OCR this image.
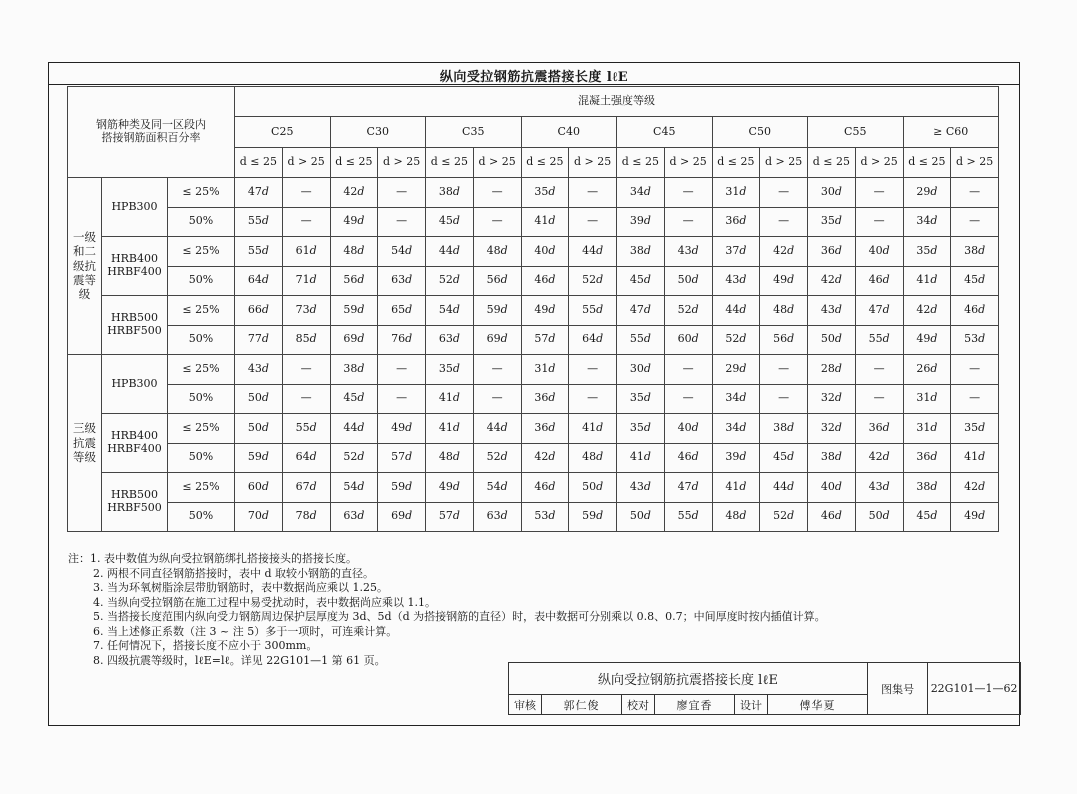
纵向受拉钢筋抗震搭接长度 lℓE
钢筋种类及同一区段内
搭接钢筋面积百分率			混凝土强度等级															
			C25		C30		C35		C40		C45		C50		C55		≥ C60	
			d ≤ 25	d > 25	d ≤ 25	d > 25	d ≤ 25	d > 25	d ≤ 25	d > 25	d ≤ 25	d > 25	d ≤ 25	d > 25	d ≤ 25	d > 25	d ≤ 25	d > 25
一级
和二
级抗
震等
级	HPB300	≤ 25%	47d	—	42d	—	38d	—	35d	—	34d	—	31d	—	30d	—	29d	—
		50%	55d	—	49d	—	45d	—	41d	—	39d	—	36d	—	35d	—	34d	—
	HRB400
HRBF400	≤ 25%	55d	61d	48d	54d	44d	48d	40d	44d	38d	43d	37d	42d	36d	40d	35d	38d
		50%	64d	71d	56d	63d	52d	56d	46d	52d	45d	50d	43d	49d	42d	46d	41d	45d
	HRB500
HRBF500	≤ 25%	66d	73d	59d	65d	54d	59d	49d	55d	47d	52d	44d	48d	43d	47d	42d	46d
		50%	77d	85d	69d	76d	63d	69d	57d	64d	55d	60d	52d	56d	50d	55d	49d	53d
三级
抗震
等级	HPB300	≤ 25%	43d	—	38d	—	35d	—	31d	—	30d	—	29d	—	28d	—	26d	—
		50%	50d	—	45d	—	41d	—	36d	—	35d	—	34d	—	32d	—	31d	—
	HRB400
HRBF400	≤ 25%	50d	55d	44d	49d	41d	44d	36d	41d	35d	40d	34d	38d	32d	36d	31d	35d
		50%	59d	64d	52d	57d	48d	52d	42d	48d	41d	46d	39d	45d	38d	42d	36d	41d
	HRB500
HRBF500	≤ 25%	60d	67d	54d	59d	49d	54d	46d	50d	43d	47d	41d	44d	40d	43d	38d	42d
		50%	70d	78d	63d	69d	57d	63d	53d	59d	50d	55d	48d	52d	46d	50d	45d	49d
注：1. 表中数值为纵向受拉钢筋绑扎搭接接头的搭接长度。
2. 两根不同直径钢筋搭接时，表中 d 取较小钢筋的直径。
3. 当为环氧树脂涂层带肋钢筋时，表中数据尚应乘以 1.25。
4. 当纵向受拉钢筋在施工过程中易受扰动时，表中数据尚应乘以 1.1。
5. 当搭接长度范围内纵向受力钢筋周边保护层厚度为 3d、5d（d 为搭接钢筋的直径）时，表中数据可分别乘以 0.8、0.7；中间厚度时按内插值计算。
6. 当上述修正系数（注 3 ~ 注 5）多于一项时，可连乘计算。
7. 任何情况下，搭接长度不应小于 300mm。
8. 四级抗震等级时，lℓE=lℓ。详见 22G101—1 第 61 页。
纵向受拉钢筋抗震搭接长度 lℓE						图集号	22G101—1—62
审核	郭仁俊	校对	廖宜香	设计	傅华夏		
